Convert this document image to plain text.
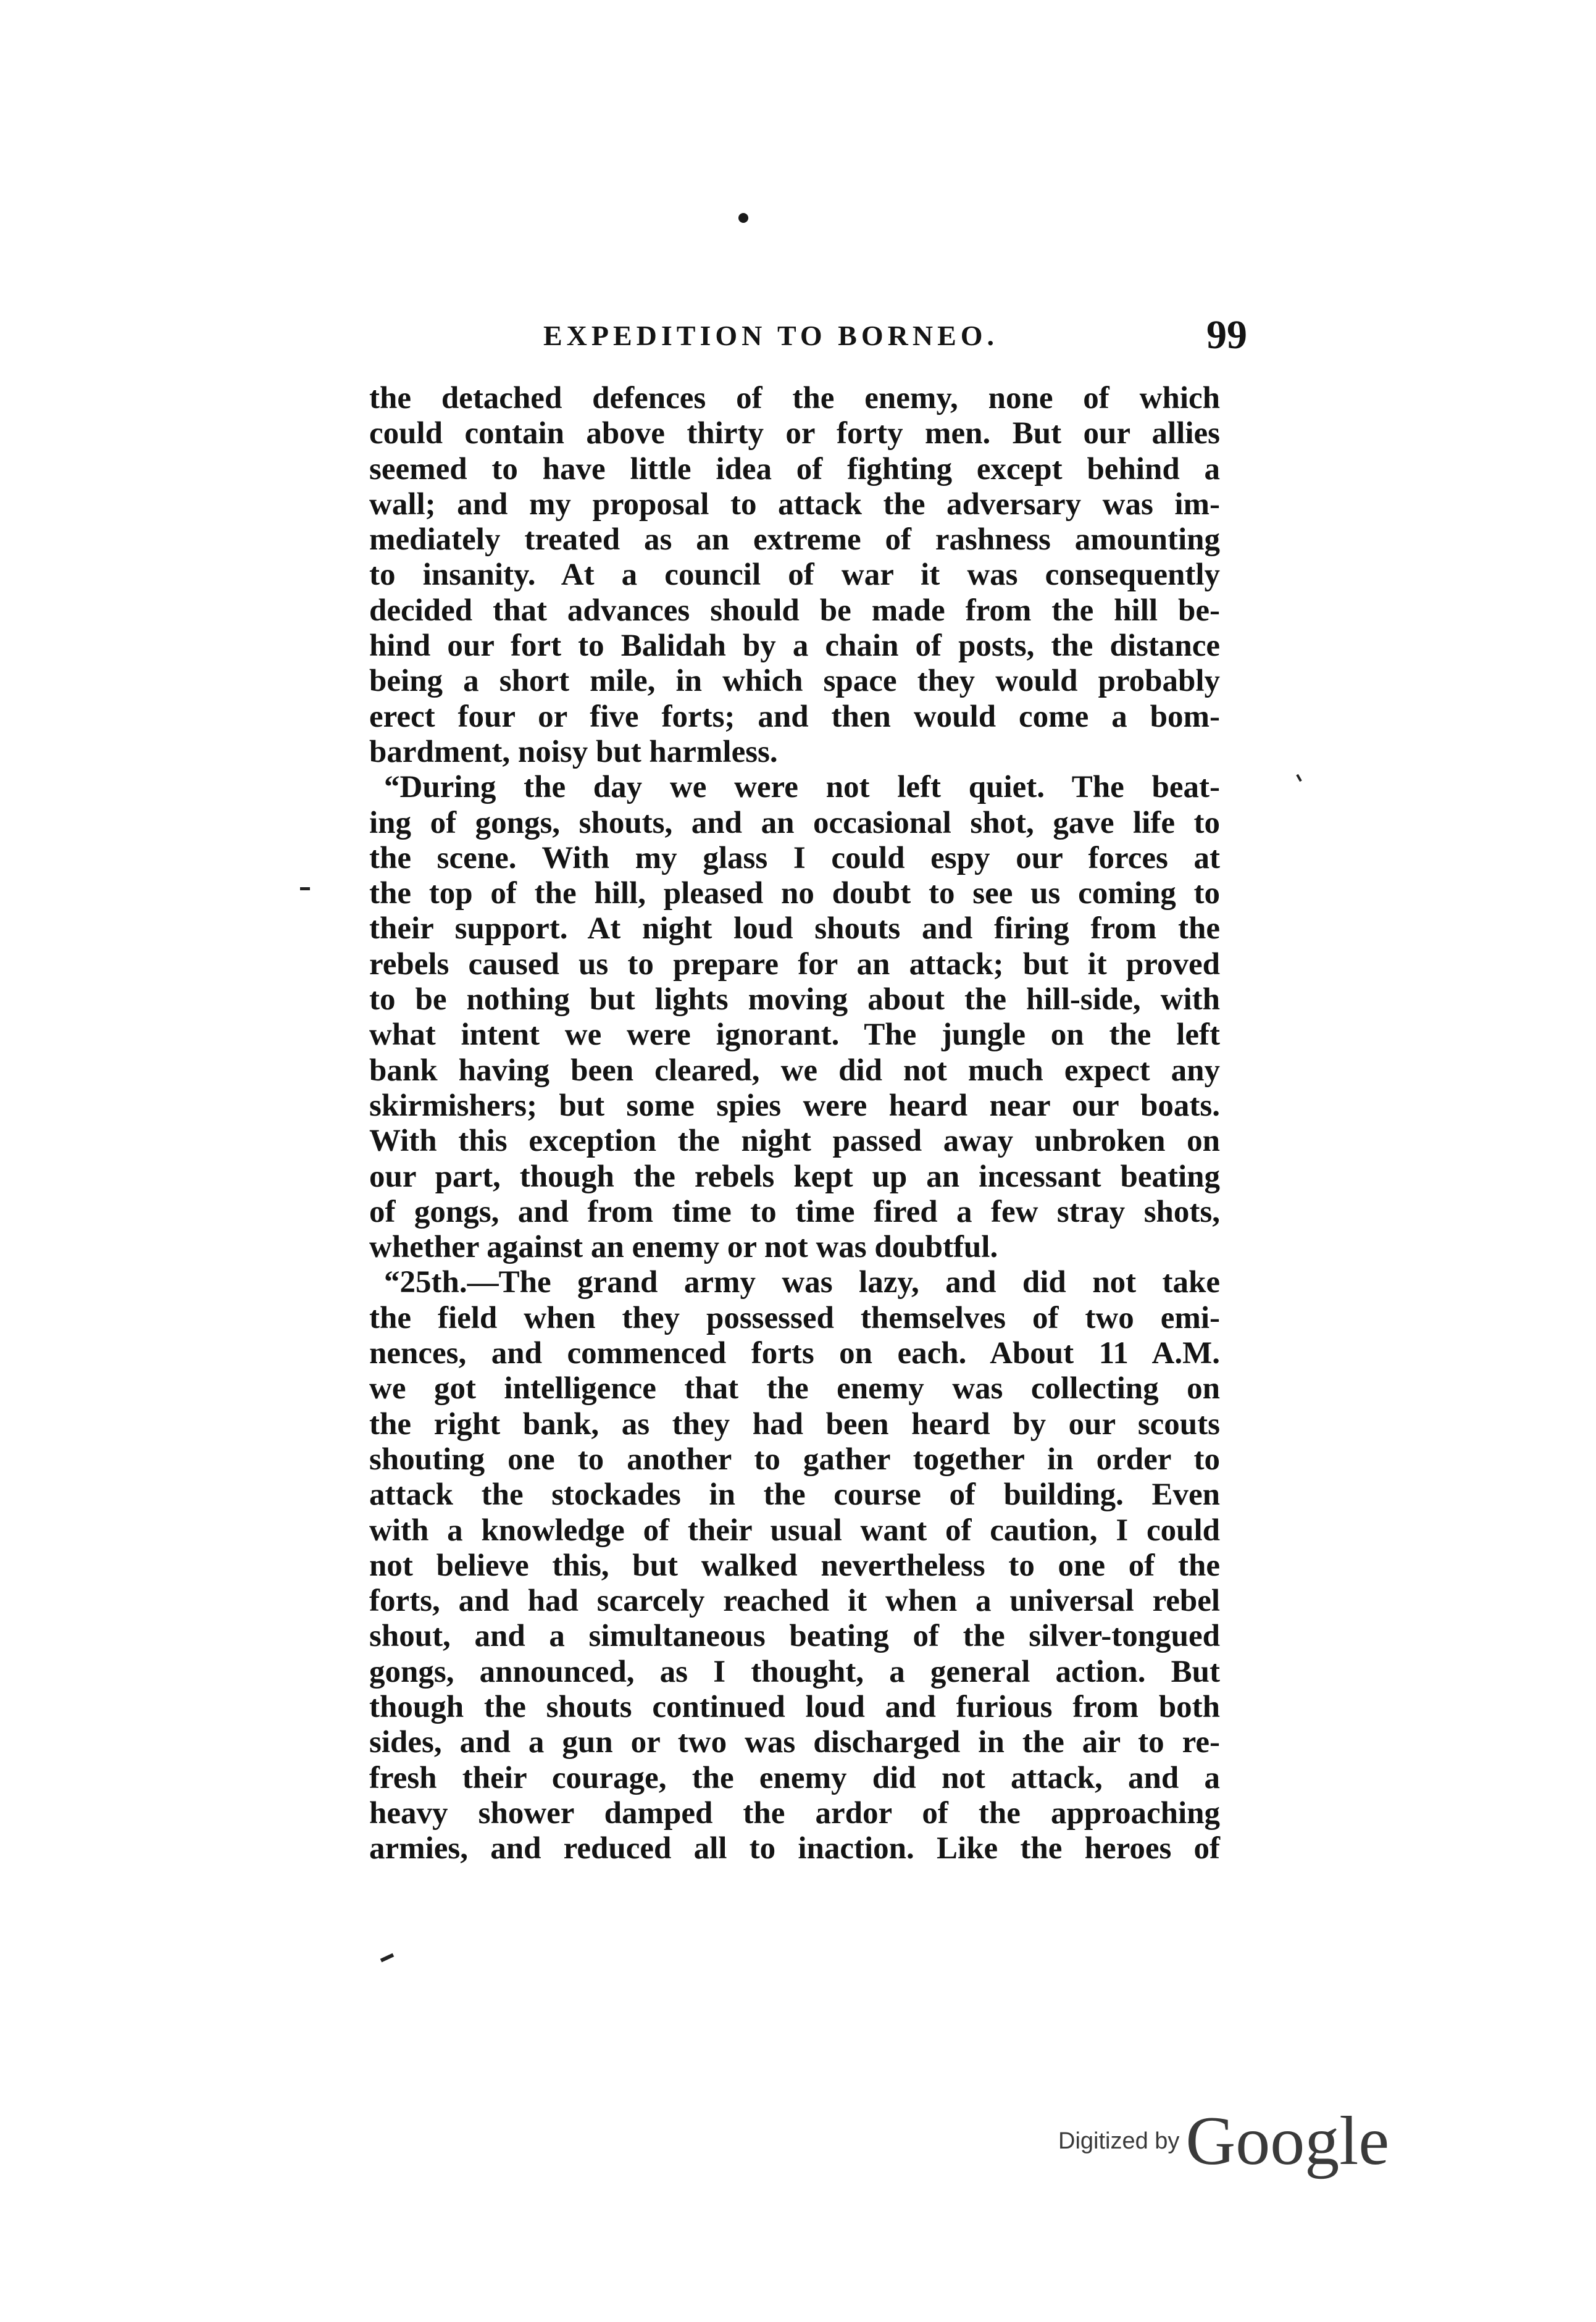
EXPEDITION TO BORNEO.	99
the detached defences of the enemy, none of which
could contain above thirty or forty men. But our allies
seemed to have little idea of fighting except behind a
wall; and my proposal to attack the adversary was im-
mediately treated as an extreme of rashness amounting
to insanity. At a council of war it was consequently
decided that advances should be made from the hill be-
hind our fort to Balidah by a chain of posts, the distance
being a short mile, in which space they would probably
erect four or five forts; and then would come a bom-
bardment, noisy but harmless.
“During the day we were not left quiet. The beat-
ing of gongs, shouts, and an occasional shot, gave life to
the scene. With my glass I could espy our forces at
the top of the hill, pleased no doubt to see us coming to
their support. At night loud shouts and firing from the
rebels caused us to prepare for an attack; but it proved
to be nothing but lights moving about the hill-side, with
what intent we were ignorant. The jungle on the left
bank having been cleared, we did not much expect any
skirmishers; but some spies were heard near our boats.
With this exception the night passed away unbroken on
our part, though the rebels kept up an incessant beating
of gongs, and from time to time fired a few stray shots,
whether against an enemy or not was doubtful.
“25th.—The grand army was lazy, and did not take
the field when they possessed themselves of two emi-
nences, and commenced forts on each. About 11 A.M.
we got intelligence that the enemy was collecting on
the right bank, as they had been heard by our scouts
shouting one to another to gather together in order to
attack the stockades in the course of building. Even
with a knowledge of their usual want of caution, I could
not believe this, but walked nevertheless to one of the
forts, and had scarcely reached it when a universal rebel
shout, and a simultaneous beating of the silver-tongued
gongs, announced, as I thought, a general action. But
though the shouts continued loud and furious from both
sides, and a gun or two was discharged in the air to re-
fresh their courage, the enemy did not attack, and a
heavy shower damped the ardor of the approaching
armies, and reduced all to inaction. Like the heroes of
Digitized by Google
